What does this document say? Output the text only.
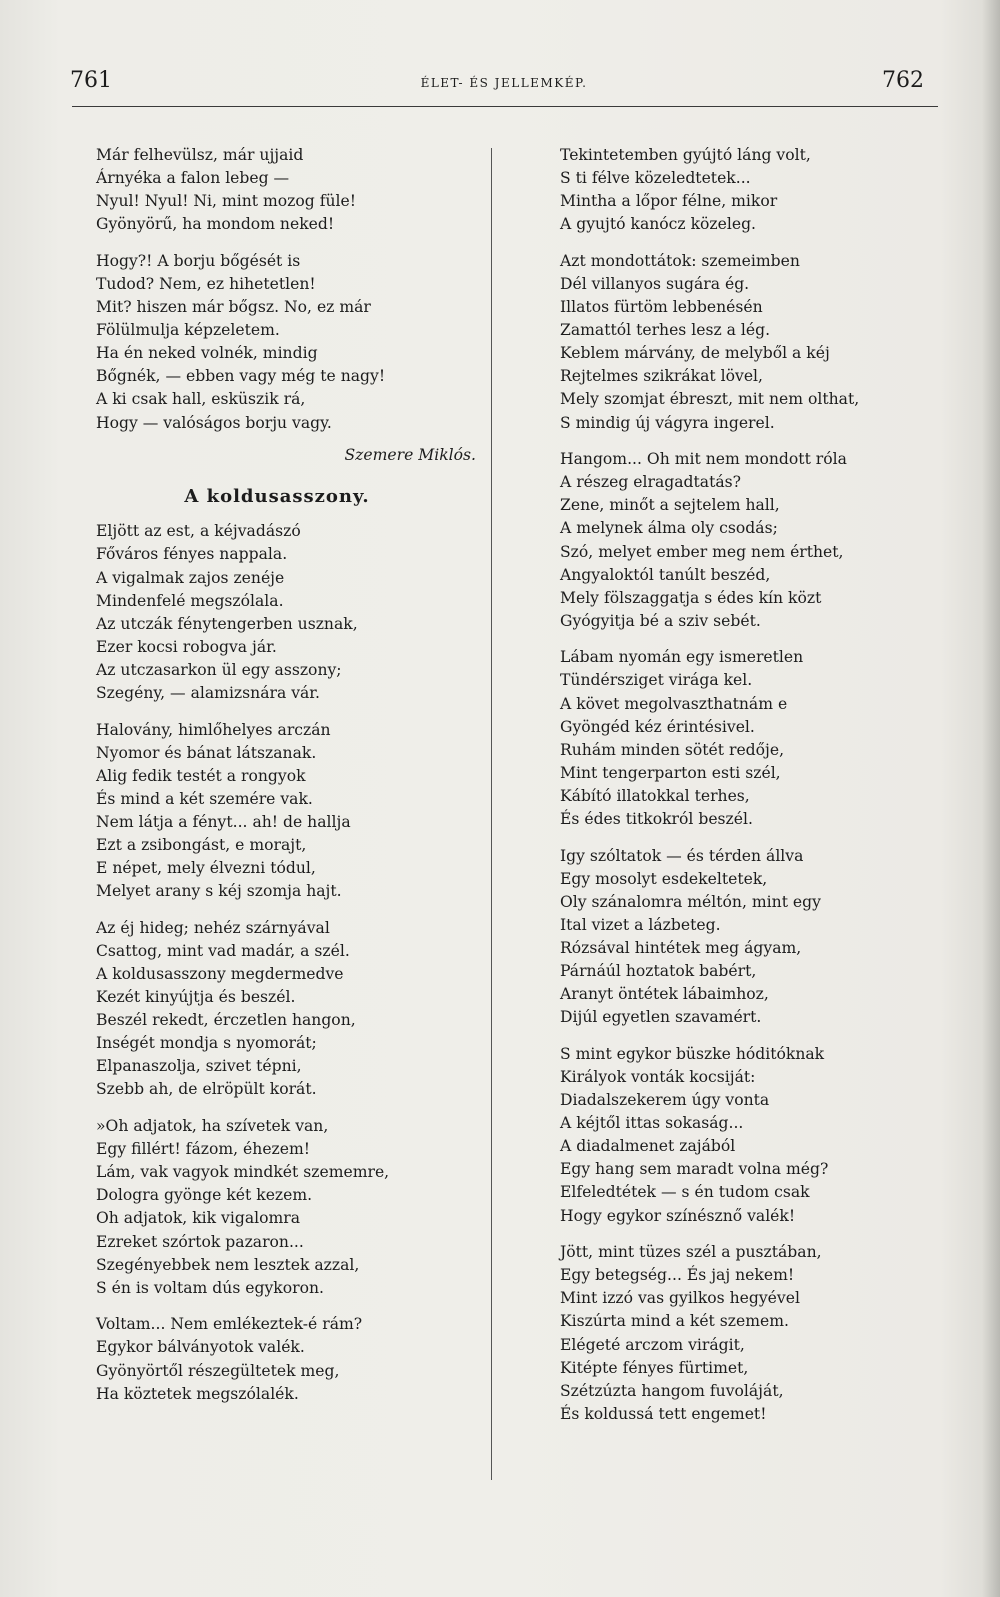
761	ÉLET- ÉS JELLEMKÉP.	762
Már felhevülsz, már ujjaid
Árnyéka a falon lebeg —
Nyul! Nyul! Ni, mint mozog füle!
Gyönyörű, ha mondom neked!
Hogy?! A borju bőgését is
Tudod? Nem, ez hihetetlen!
Mit? hiszen már bőgsz. No, ez már
Fölülmulja képzeletem.
Ha én neked volnék, mindig
Bőgnék, — ebben vagy még te nagy!
A ki csak hall, esküszik rá,
Hogy — valóságos borju vagy.
Szemere Miklós.
A koldusasszony.
Eljött az est, a kéjvadászó
Főváros fényes nappala.
A vigalmak zajos zenéje
Mindenfelé megszólala.
Az utczák fénytengerben usznak,
Ezer kocsi robogva jár.
Az utczasarkon ül egy asszony;
Szegény, — alamizsnára vár.
Halovány, himlőhelyes arczán
Nyomor és bánat látszanak.
Alig fedik testét a rongyok
És mind a két szemére vak.
Nem látja a fényt... ah! de hallja
Ezt a zsibongást, e morajt,
E népet, mely élvezni tódul,
Melyet arany s kéj szomja hajt.
Az éj hideg; nehéz szárnyával
Csattog, mint vad madár, a szél.
A koldusasszony megdermedve
Kezét kinyújtja és beszél.
Beszél rekedt, érczetlen hangon,
Inségét mondja s nyomorát;
Elpanaszolja, szivet tépni,
Szebb ah, de elröpült korát.
»Oh adjatok, ha szívetek van,
Egy fillért! fázom, éhezem!
Lám, vak vagyok mindkét szememre,
Dologra gyönge két kezem.
Oh adjatok, kik vigalomra
Ezreket szórtok pazaron...
Szegényebbek nem lesztek azzal,
S én is voltam dús egykoron.
Voltam... Nem emlékeztek-é rám?
Egykor bálványotok valék.
Gyönyörtől részegültetek meg,
Ha köztetek megszólalék.
Tekintetemben gyújtó láng volt,
S ti félve közeledtetek...
Mintha a lőpor félne, mikor
A gyujtó kanócz közeleg.
Azt mondottátok: szemeimben
Dél villanyos sugára ég.
Illatos fürtöm lebbenésén
Zamattól terhes lesz a lég.
Keblem márvány, de melyből a kéj
Rejtelmes szikrákat lövel,
Mely szomjat ébreszt, mit nem olthat,
S mindig új vágyra ingerel.
Hangom... Oh mit nem mondott róla
A részeg elragadtatás?
Zene, minőt a sejtelem hall,
A melynek álma oly csodás;
Szó, melyet ember meg nem érthet,
Angyaloktól tanúlt beszéd,
Mely fölszaggatja s édes kín közt
Gyógyitja bé a sziv sebét.
Lábam nyomán egy ismeretlen
Tündérsziget virága kel.
A követ megolvaszthatnám e
Gyöngéd kéz érintésivel.
Ruhám minden sötét redője,
Mint tengerparton esti szél,
Kábító illatokkal terhes,
És édes titkokról beszél.
Igy szóltatok — és térden állva
Egy mosolyt esdekeltetek,
Oly szánalomra méltón, mint egy
Ital vizet a lázbeteg.
Rózsával hintétek meg ágyam,
Párnáúl hoztatok babért,
Aranyt öntétek lábaimhoz,
Dijúl egyetlen szavamért.
S mint egykor büszke hóditóknak
Királyok vonták kocsiját:
Diadalszekerem úgy vonta
A kéjtől ittas sokaság...
A diadalmenet zajából
Egy hang sem maradt volna még?
Elfeledtétek — s én tudom csak
Hogy egykor színésznő valék!
Jött, mint tüzes szél a pusztában,
Egy betegség... És jaj nekem!
Mint izzó vas gyilkos hegyével
Kiszúrta mind a két szemem.
Elégeté arczom virágit,
Kitépte fényes fürtimet,
Szétzúzta hangom fuvoláját,
És koldussá tett engemet!
